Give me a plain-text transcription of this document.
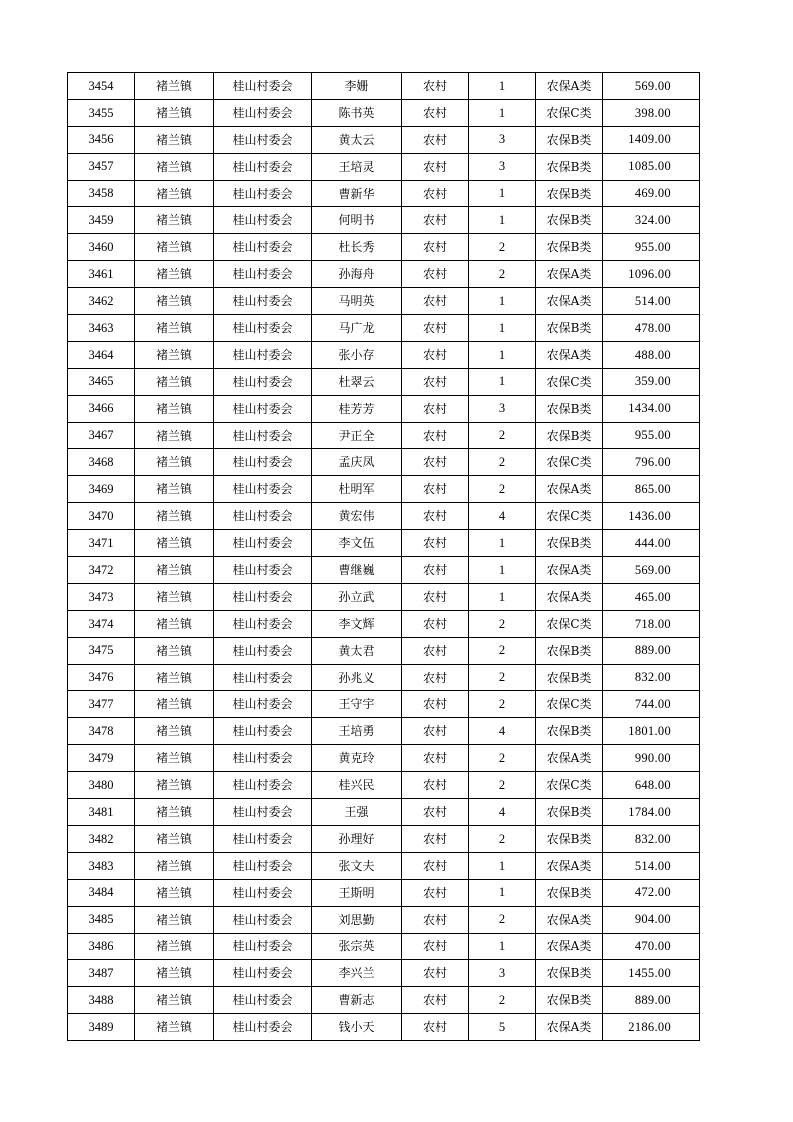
3454	褚兰镇	桂山村委会	李姗	农村	1	农保A类	569.00
3455	褚兰镇	桂山村委会	陈书英	农村	1	农保C类	398.00
3456	褚兰镇	桂山村委会	黄太云	农村	3	农保B类	1409.00
3457	褚兰镇	桂山村委会	王培灵	农村	3	农保B类	1085.00
3458	褚兰镇	桂山村委会	曹新华	农村	1	农保B类	469.00
3459	褚兰镇	桂山村委会	何明书	农村	1	农保B类	324.00
3460	褚兰镇	桂山村委会	杜长秀	农村	2	农保B类	955.00
3461	褚兰镇	桂山村委会	孙海舟	农村	2	农保A类	1096.00
3462	褚兰镇	桂山村委会	马明英	农村	1	农保A类	514.00
3463	褚兰镇	桂山村委会	马广龙	农村	1	农保B类	478.00
3464	褚兰镇	桂山村委会	张小存	农村	1	农保A类	488.00
3465	褚兰镇	桂山村委会	杜翠云	农村	1	农保C类	359.00
3466	褚兰镇	桂山村委会	桂芳芳	农村	3	农保B类	1434.00
3467	褚兰镇	桂山村委会	尹正全	农村	2	农保B类	955.00
3468	褚兰镇	桂山村委会	孟庆凤	农村	2	农保C类	796.00
3469	褚兰镇	桂山村委会	杜明军	农村	2	农保A类	865.00
3470	褚兰镇	桂山村委会	黄宏伟	农村	4	农保C类	1436.00
3471	褚兰镇	桂山村委会	李文伍	农村	1	农保B类	444.00
3472	褚兰镇	桂山村委会	曹继巍	农村	1	农保A类	569.00
3473	褚兰镇	桂山村委会	孙立武	农村	1	农保A类	465.00
3474	褚兰镇	桂山村委会	李文辉	农村	2	农保C类	718.00
3475	褚兰镇	桂山村委会	黄太君	农村	2	农保B类	889.00
3476	褚兰镇	桂山村委会	孙兆义	农村	2	农保B类	832.00
3477	褚兰镇	桂山村委会	王守宇	农村	2	农保C类	744.00
3478	褚兰镇	桂山村委会	王培勇	农村	4	农保B类	1801.00
3479	褚兰镇	桂山村委会	黄克玲	农村	2	农保A类	990.00
3480	褚兰镇	桂山村委会	桂兴民	农村	2	农保C类	648.00
3481	褚兰镇	桂山村委会	王强	农村	4	农保B类	1784.00
3482	褚兰镇	桂山村委会	孙理好	农村	2	农保B类	832.00
3483	褚兰镇	桂山村委会	张文夫	农村	1	农保A类	514.00
3484	褚兰镇	桂山村委会	王斯明	农村	1	农保B类	472.00
3485	褚兰镇	桂山村委会	刘思勤	农村	2	农保A类	904.00
3486	褚兰镇	桂山村委会	张宗英	农村	1	农保A类	470.00
3487	褚兰镇	桂山村委会	李兴兰	农村	3	农保B类	1455.00
3488	褚兰镇	桂山村委会	曹新志	农村	2	农保B类	889.00
3489	褚兰镇	桂山村委会	钱小天	农村	5	农保A类	2186.00
